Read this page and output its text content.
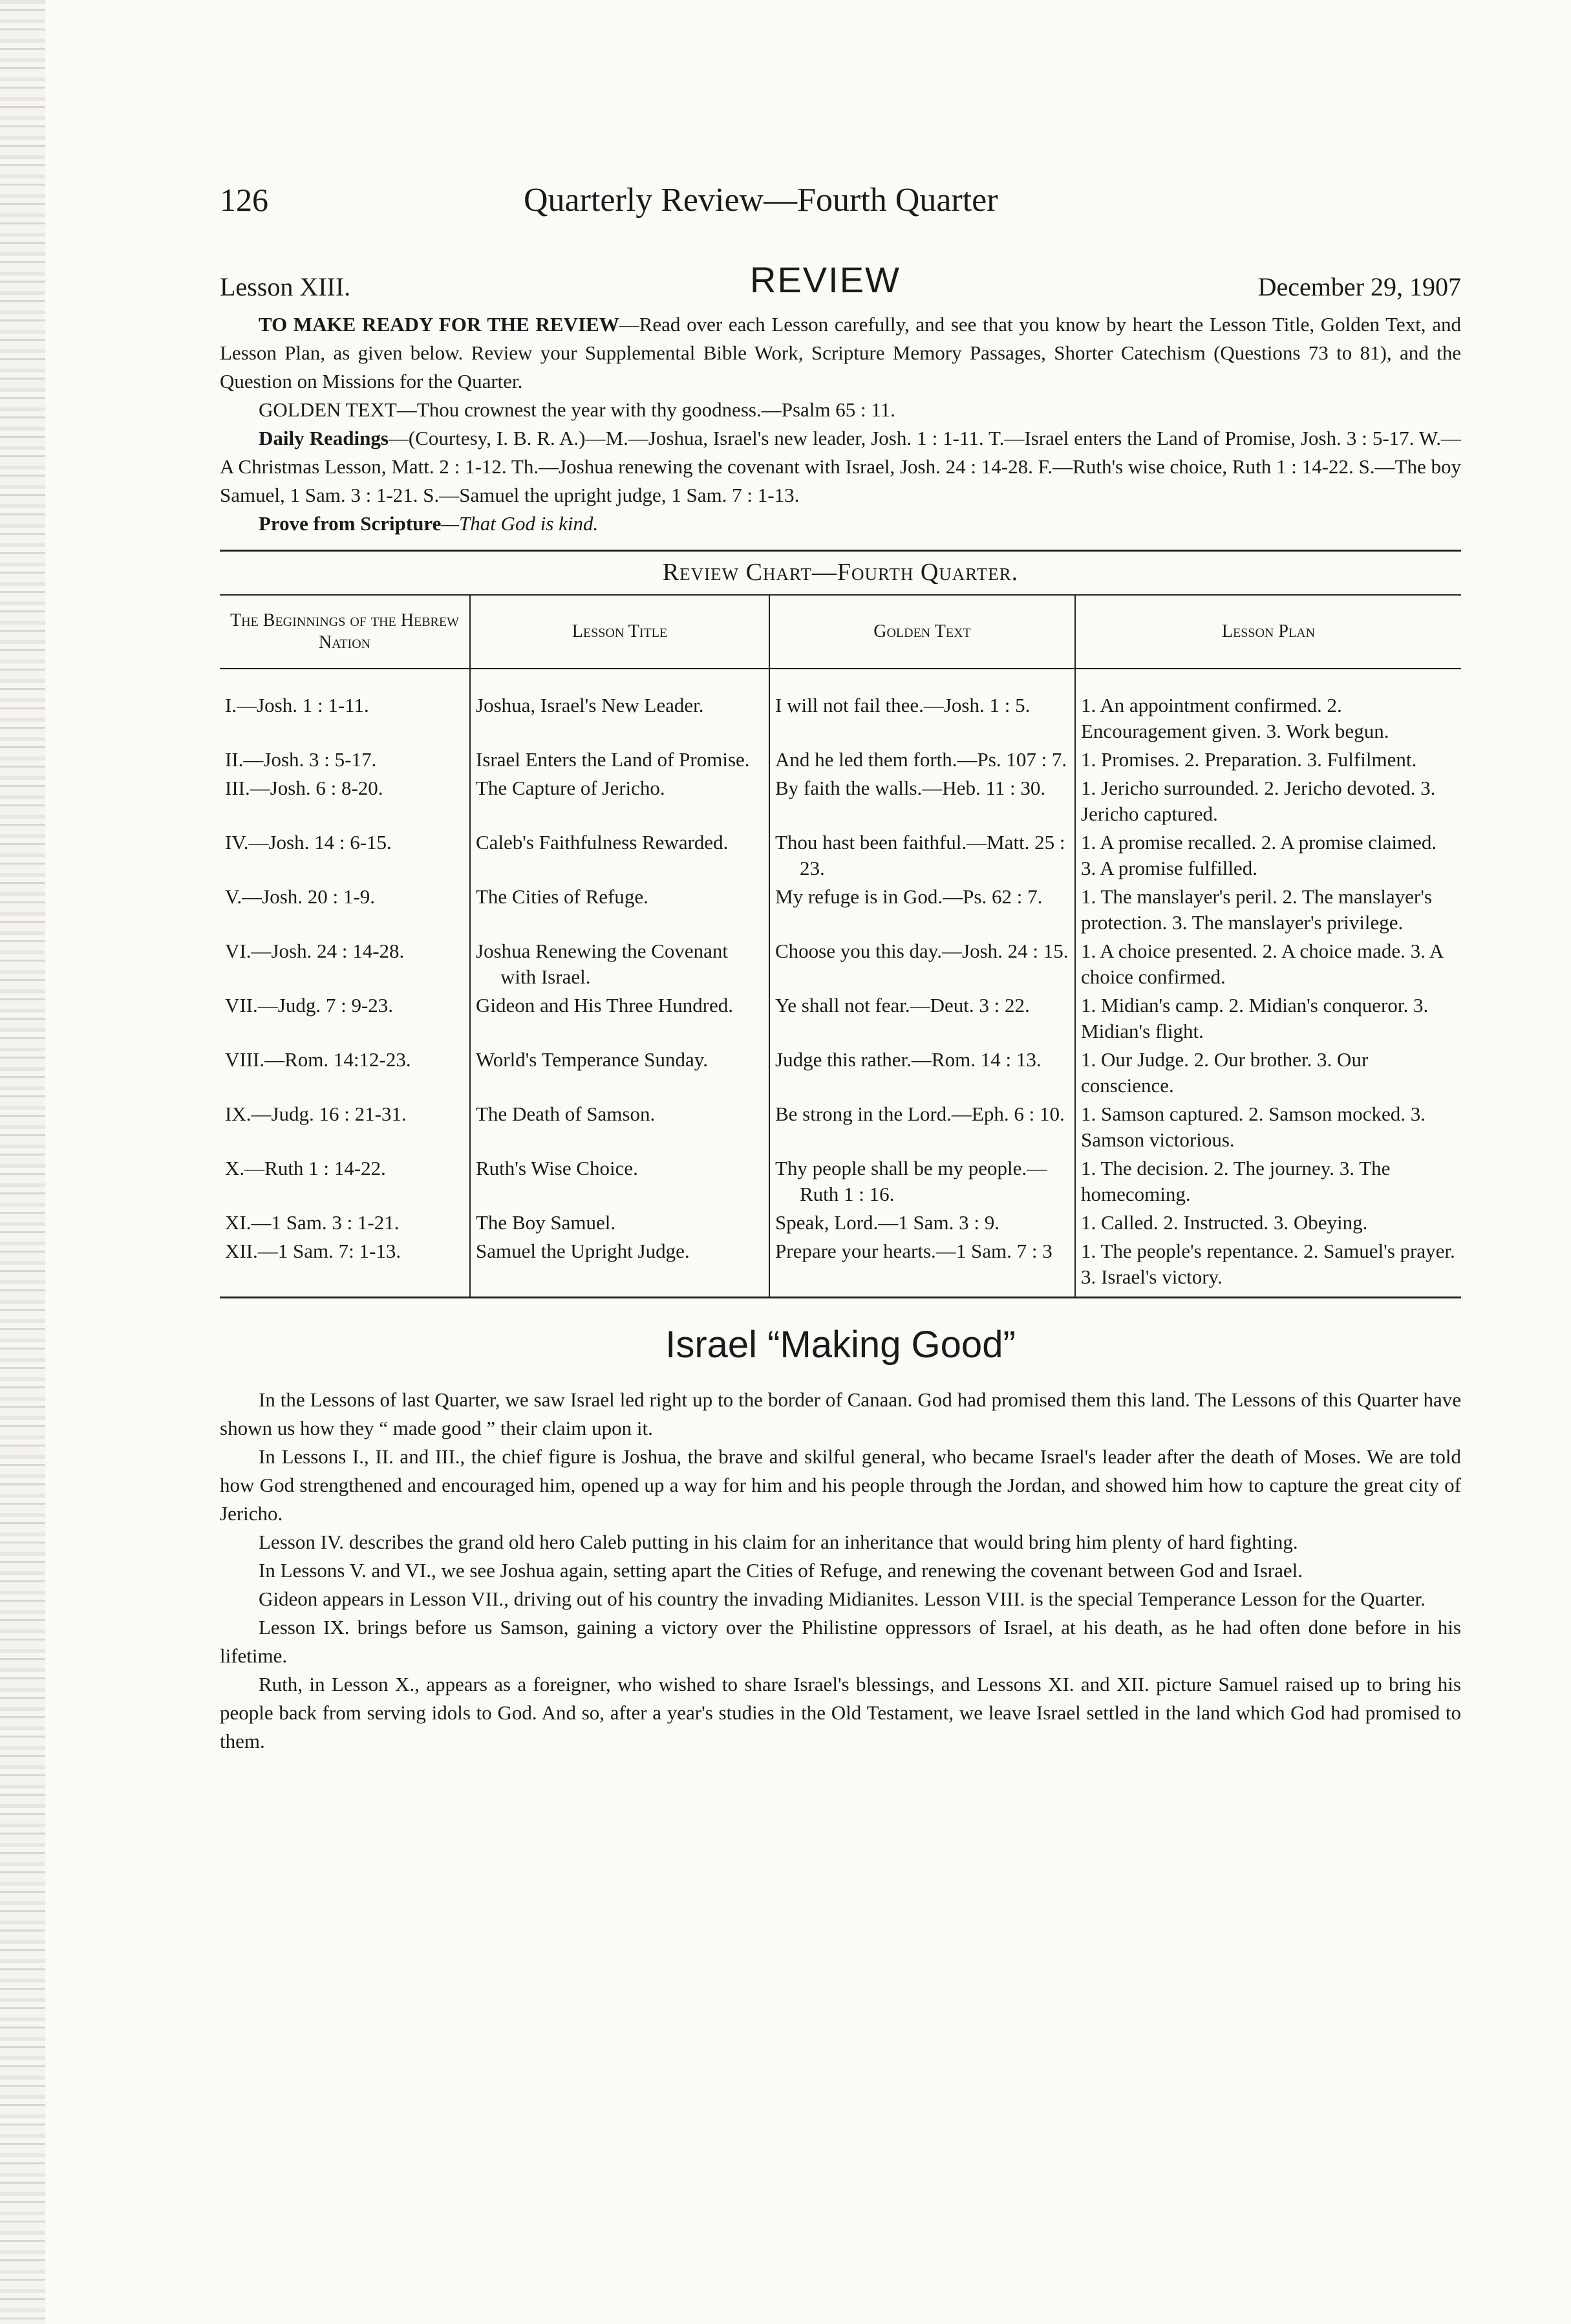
126	Quarterly Review—Fourth Quarter
Lesson XIII.	REVIEW	December 29, 1907

TO MAKE READY FOR THE REVIEW—Read over each Lesson carefully, and see that you know by heart the Lesson Title, Golden Text, and Lesson Plan, as given below. Review your Supplemental Bible Work, Scripture Memory Passages, Shorter Catechism (Questions 73 to 81), and the Question on Missions for the Quarter.

GOLDEN TEXT—Thou crownest the year with thy goodness.—Psalm 65 : 11.

Daily Readings—(Courtesy, I. B. R. A.)—M.—Joshua, Israel's new leader, Josh. 1 : 1-11. T.—Israel enters the Land of Promise, Josh. 3 : 5-17. W.—A Christmas Lesson, Matt. 2 : 1-12. Th.—Joshua renewing the covenant with Israel, Josh. 24 : 14-28. F.—Ruth's wise choice, Ruth 1 : 14-22. S.—The boy Samuel, 1 Sam. 3 : 1-21. S.—Samuel the upright judge, 1 Sam. 7 : 1-13.

Prove from Scripture—That God is kind.

Review Chart—Fourth Quarter.
The Beginnings of the Hebrew Nation	Lesson Title	Golden Text	Lesson Plan
I.—Josh. 1 : 1-11.	Joshua, Israel's New Leader.	I will not fail thee.—Josh. 1 : 5.	1. An appointment confirmed. 2. Encouragement given. 3. Work begun.
II.—Josh. 3 : 5-17.	Israel Enters the Land of Promise.	And he led them forth.—Ps. 107 : 7.	1. Promises. 2. Preparation. 3. Fulfilment.
III.—Josh. 6 : 8-20.	The Capture of Jericho.	By faith the walls.—Heb. 11 : 30.	1. Jericho surrounded. 2. Jericho devoted. 3. Jericho captured.
IV.—Josh. 14 : 6-15.	Caleb's Faithfulness Rewarded.	Thou hast been faithful.—Matt. 25 : 23.	1. A promise recalled. 2. A promise claimed. 3. A promise fulfilled.
V.—Josh. 20 : 1-9.	The Cities of Refuge.	My refuge is in God.—Ps. 62 : 7.	1. The manslayer's peril. 2. The manslayer's protection. 3. The manslayer's privilege.
VI.—Josh. 24 : 14-28.	Joshua Renewing the Covenant with Israel.	Choose you this day.—Josh. 24 : 15.	1. A choice presented. 2. A choice made. 3. A choice confirmed.
VII.—Judg. 7 : 9-23.	Gideon and His Three Hundred.	Ye shall not fear.—Deut. 3 : 22.	1. Midian's camp. 2. Midian's conqueror. 3. Midian's flight.
VIII.—Rom. 14:12-23.	World's Temperance Sunday.	Judge this rather.—Rom. 14 : 13.	1. Our Judge. 2. Our brother. 3. Our conscience.
IX.—Judg. 16 : 21-31.	The Death of Samson.	Be strong in the Lord.—Eph. 6 : 10.	1. Samson captured. 2. Samson mocked. 3. Samson victorious.
X.—Ruth 1 : 14-22.	Ruth's Wise Choice.	Thy people shall be my people.—Ruth 1 : 16.	1. The decision. 2. The journey. 3. The homecoming.
XI.—1 Sam. 3 : 1-21.	The Boy Samuel.	Speak, Lord.—1 Sam. 3 : 9.	1. Called. 2. Instructed. 3. Obeying.
XII.—1 Sam. 7: 1-13.	Samuel the Upright Judge.	Prepare your hearts.—1 Sam. 7 : 3	1. The people's repentance. 2. Samuel's prayer. 3. Israel's victory.
Israel “Making Good”

In the Lessons of last Quarter, we saw Israel led right up to the border of Canaan. God had promised them this land. The Lessons of this Quarter have shown us how they “ made good ” their claim upon it.

In Lessons I., II. and III., the chief figure is Joshua, the brave and skilful general, who became Israel's leader after the death of Moses. We are told how God strengthened and encouraged him, opened up a way for him and his people through the Jordan, and showed him how to capture the great city of Jericho.

Lesson IV. describes the grand old hero Caleb putting in his claim for an inheritance that would bring him plenty of hard fighting.

In Lessons V. and VI., we see Joshua again, setting apart the Cities of Refuge, and renewing the covenant between God and Israel.

Gideon appears in Lesson VII., driving out of his country the invading Midianites. Lesson VIII. is the special Temperance Lesson for the Quarter.

Lesson IX. brings before us Samson, gaining a victory over the Philistine oppressors of Israel, at his death, as he had often done before in his lifetime.

Ruth, in Lesson X., appears as a foreigner, who wished to share Israel's blessings, and Lessons XI. and XII. picture Samuel raised up to bring his people back from serving idols to God. And so, after a year's studies in the Old Testament, we leave Israel settled in the land which God had promised to them.
